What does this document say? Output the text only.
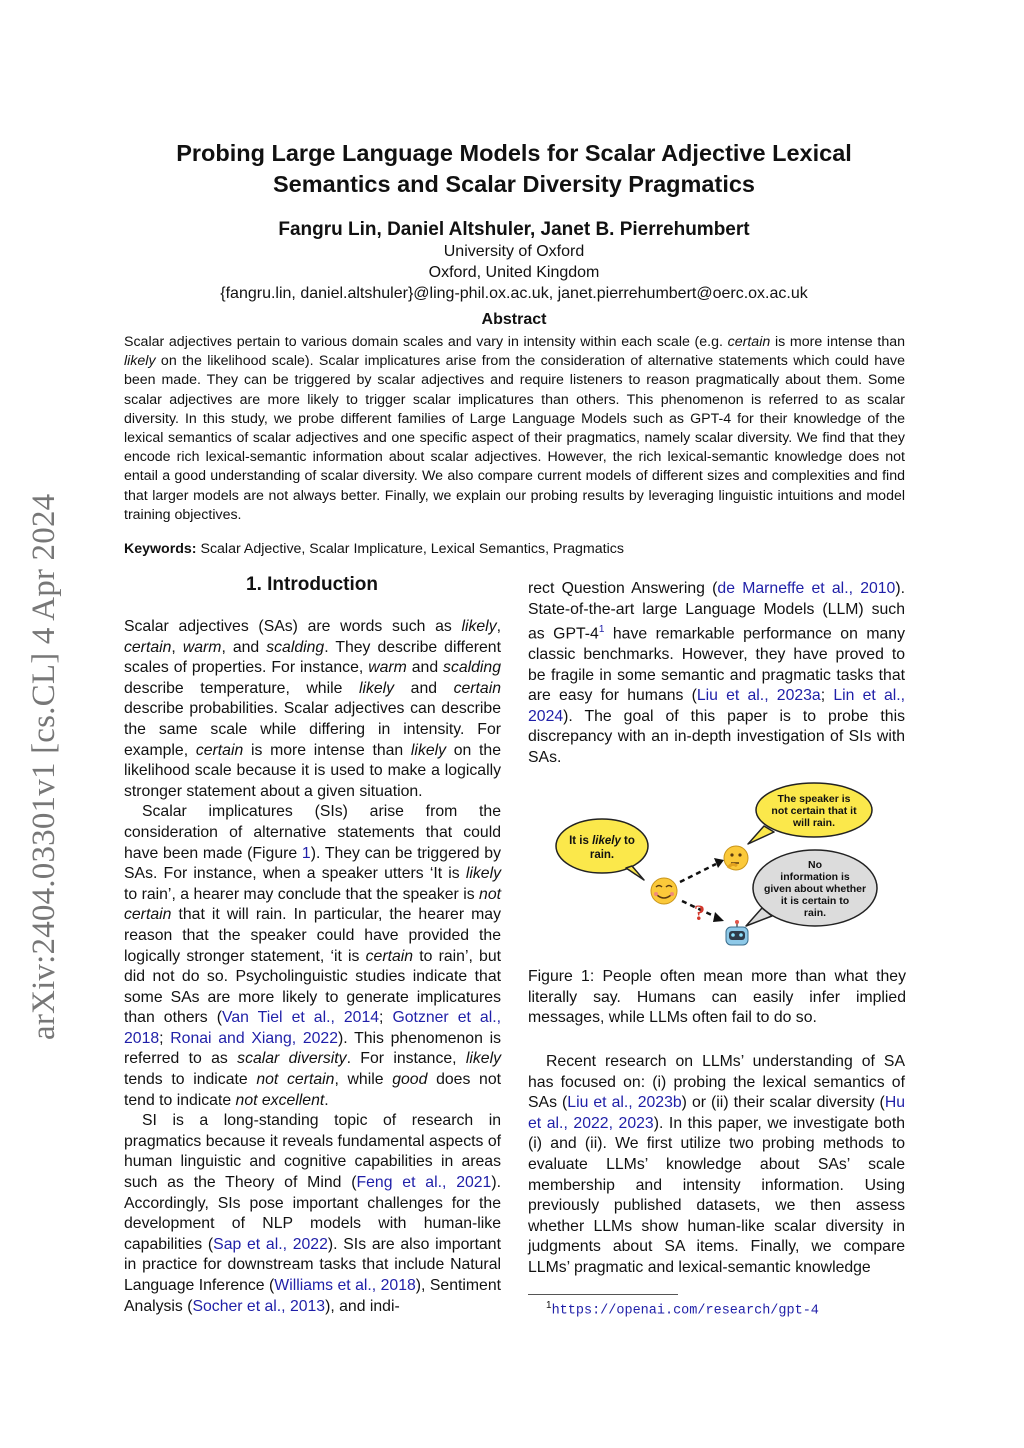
arXiv:2404.03301v1 [cs.CL] 4 Apr 2024
Probing Large Language Models for Scalar Adjective Lexical
Semantics and Scalar Diversity Pragmatics
Fangru Lin, Daniel Altshuler, Janet B. Pierrehumbert
University of Oxford
Oxford, United Kingdom
{fangru.lin, daniel.altshuler}@ling-phil.ox.ac.uk, janet.pierrehumbert@oerc.ox.ac.uk
Abstract
Scalar adjectives pertain to various domain scales and vary in intensity within each scale (e.g. certain is more intense than likely on the likelihood scale). Scalar implicatures arise from the consideration of alternative statements which could have been made. They can be triggered by scalar adjectives and require listeners to reason pragmatically about them. Some scalar adjectives are more likely to trigger scalar implicatures than others. This phenomenon is referred to as scalar diversity. In this study, we probe different families of Large Language Models such as GPT-4 for their knowledge of the lexical semantics of scalar adjectives and one specific aspect of their pragmatics, namely scalar diversity. We find that they encode rich lexical-semantic information about scalar adjectives. However, the rich lexical-semantic knowledge does not entail a good understanding of scalar diversity. We also compare current models of different sizes and complexities and find that larger models are not always better. Finally, we explain our probing results by leveraging linguistic intuitions and model training objectives.
Keywords: Scalar Adjective, Scalar Implicature, Lexical Semantics, Pragmatics
1. Introduction

Scalar adjectives (SAs) are words such as likely, certain, warm, and scalding. They describe different scales of properties. For instance, warm and scalding describe temperature, while likely and certain describe probabilities. Scalar adjectives can describe the same scale while differing in intensity. For example, certain is more intense than likely on the likelihood scale because it is used to make a logically stronger statement about a given situation.

Scalar implicatures (SIs) arise from the consideration of alternative statements that could have been made (Figure 1). They can be triggered by SAs. For instance, when a speaker utters ‘It is likely to rain’, a hearer may conclude that the speaker is not certain that it will rain. In particular, the hearer may reason that the speaker could have provided the logically stronger statement, ‘it is certain to rain’, but did not do so. Psycholinguistic studies indicate that some SAs are more likely to generate implicatures than others (Van Tiel et al., 2014; Gotzner et al., 2018; Ronai and Xiang, 2022). This phenomenon is referred to as scalar diversity. For instance, likely tends to indicate not certain, while good does not tend to indicate not excellent.

SI is a long-standing topic of research in pragmatics because it reveals fundamental aspects of human linguistic and cognitive capabilities in areas such as the Theory of Mind (Feng et al., 2021). Accordingly, SIs pose important challenges for the development of NLP models with human-like capabilities (Sap et al., 2022). SIs are also important in practice for downstream tasks that include Natural Language Inference (Williams et al., 2018), Sentiment Analysis (Socher et al., 2013), and indi-

rect Question Answering (de Marneffe et al., 2010). State-of-the-art large Language Models (LLM) such as GPT-4$^1$ have remarkable performance on many classic benchmarks. However, they have proved to be fragile in some semantic and pragmatic tasks that are easy for humans (Liu et al., 2023a; Lin et al., 2024). The goal of this paper is to probe this discrepancy with an in-depth investigation of SIs with SAs.

It is likely to
rain.
The speaker is
not certain that it
will rain.
No
information is
given about whether
it is certain to
rain.
?
Figure 1: People often mean more than what they literally say. Humans can easily infer implied messages, while LLMs often fail to do so.

Recent research on LLMs’ understanding of SA has focused on: (i) probing the lexical semantics of SAs (Liu et al., 2023b) or (ii) their scalar diversity (Hu et al., 2022, 2023). In this paper, we investigate both (i) and (ii). We first utilize two probing methods to evaluate LLMs’ knowledge about SAs’ scale membership and intensity information. Using previously published datasets, we then assess whether LLMs show human-like scalar diversity in judgments about SA items. Finally, we compare LLMs’ pragmatic and lexical-semantic knowledge

$^1$https://openai.com/research/gpt-4
